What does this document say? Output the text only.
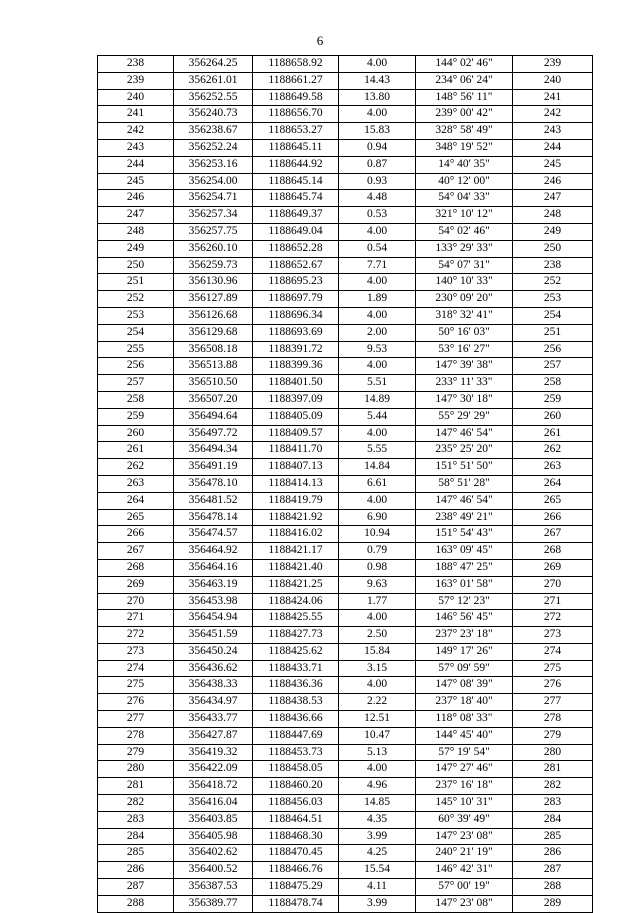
6
238	356264.25	1188658.92	4.00	144° 02' 46"	239
239	356261.01	1188661.27	14.43	234° 06' 24"	240
240	356252.55	1188649.58	13.80	148° 56' 11"	241
241	356240.73	1188656.70	4.00	239° 00' 42"	242
242	356238.67	1188653.27	15.83	328° 58' 49"	243
243	356252.24	1188645.11	0.94	348° 19' 52"	244
244	356253.16	1188644.92	0.87	14° 40' 35"	245
245	356254.00	1188645.14	0.93	40° 12' 00"	246
246	356254.71	1188645.74	4.48	54° 04' 33"	247
247	356257.34	1188649.37	0.53	321° 10' 12"	248
248	356257.75	1188649.04	4.00	54° 02' 46"	249
249	356260.10	1188652.28	0.54	133° 29' 33"	250
250	356259.73	1188652.67	7.71	54° 07' 31"	238
251	356130.96	1188695.23	4.00	140° 10' 33"	252
252	356127.89	1188697.79	1.89	230° 09' 20"	253
253	356126.68	1188696.34	4.00	318° 32' 41"	254
254	356129.68	1188693.69	2.00	50° 16' 03"	251
255	356508.18	1188391.72	9.53	53° 16' 27"	256
256	356513.88	1188399.36	4.00	147° 39' 38"	257
257	356510.50	1188401.50	5.51	233° 11' 33"	258
258	356507.20	1188397.09	14.89	147° 30' 18"	259
259	356494.64	1188405.09	5.44	55° 29' 29"	260
260	356497.72	1188409.57	4.00	147° 46' 54"	261
261	356494.34	1188411.70	5.55	235° 25' 20"	262
262	356491.19	1188407.13	14.84	151° 51' 50"	263
263	356478.10	1188414.13	6.61	58° 51' 28"	264
264	356481.52	1188419.79	4.00	147° 46' 54"	265
265	356478.14	1188421.92	6.90	238° 49' 21"	266
266	356474.57	1188416.02	10.94	151° 54' 43"	267
267	356464.92	1188421.17	0.79	163° 09' 45"	268
268	356464.16	1188421.40	0.98	188° 47' 25"	269
269	356463.19	1188421.25	9.63	163° 01' 58"	270
270	356453.98	1188424.06	1.77	57° 12' 23"	271
271	356454.94	1188425.55	4.00	146° 56' 45"	272
272	356451.59	1188427.73	2.50	237° 23' 18"	273
273	356450.24	1188425.62	15.84	149° 17' 26"	274
274	356436.62	1188433.71	3.15	57° 09' 59"	275
275	356438.33	1188436.36	4.00	147° 08' 39"	276
276	356434.97	1188438.53	2.22	237° 18' 40"	277
277	356433.77	1188436.66	12.51	118° 08' 33"	278
278	356427.87	1188447.69	10.47	144° 45' 40"	279
279	356419.32	1188453.73	5.13	57° 19' 54"	280
280	356422.09	1188458.05	4.00	147° 27' 46"	281
281	356418.72	1188460.20	4.96	237° 16' 18"	282
282	356416.04	1188456.03	14.85	145° 10' 31"	283
283	356403.85	1188464.51	4.35	60° 39' 49"	284
284	356405.98	1188468.30	3.99	147° 23' 08"	285
285	356402.62	1188470.45	4.25	240° 21' 19"	286
286	356400.52	1188466.76	15.54	146° 42' 31"	287
287	356387.53	1188475.29	4.11	57° 00' 19"	288
288	356389.77	1188478.74	3.99	147° 23' 08"	289
